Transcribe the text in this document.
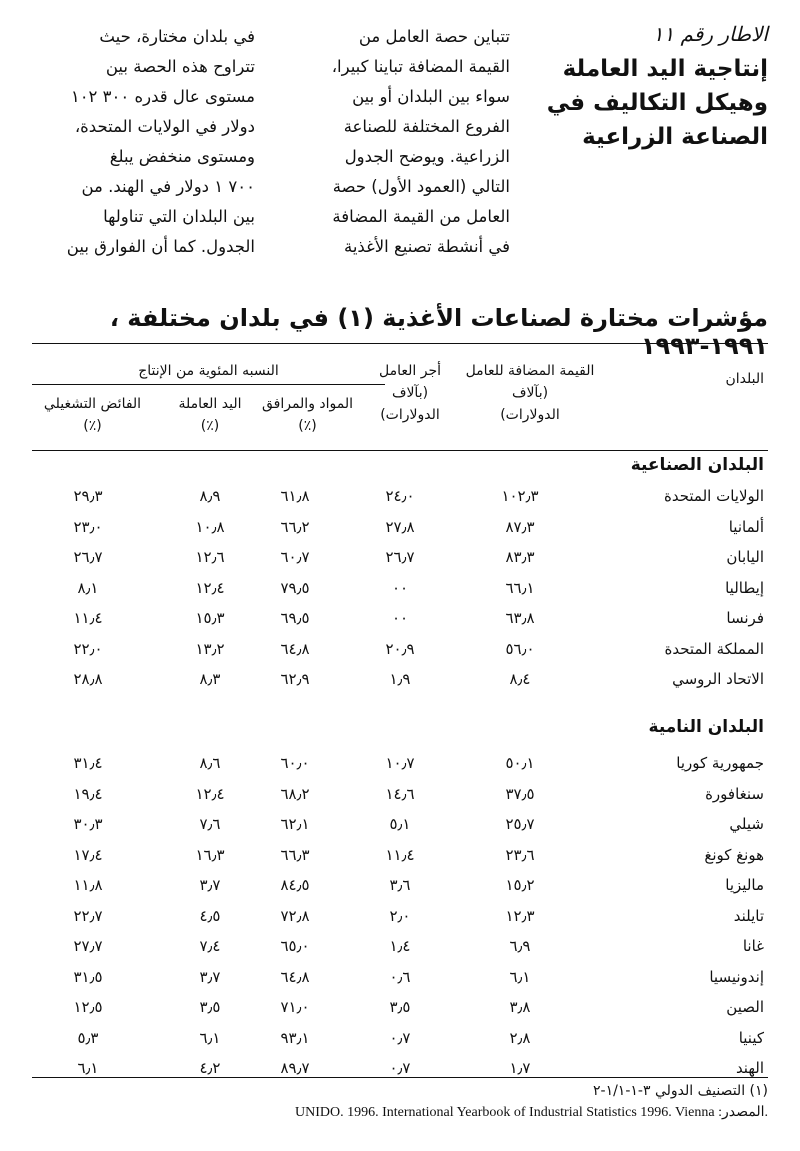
الاطار رقم ١١
إنتاجية اليد العاملة
وهيكل التكاليف في
الصناعة الزراعية
تتباين حصة العامل من
القيمة المضافة تباينا كبيرا،
سواء بين البلدان أو بين
الفروع المختلفة للصناعة
الزراعية. ويوضح الجدول
التالي (العمود الأول) حصة
العامل من القيمة المضافة
في أنشطة تصنيع الأغذية
في بلدان مختارة، حيث
تتراوح هذه الحصة بين
مستوى عال قدره ٣٠٠ ١٠٢
دولار في الولايات المتحدة،
ومستوى منخفض يبلغ
٧٠٠ ١ دولار في الهند. من
بين البلدان التي تناولها
الجدول. كما أن الفوارق بين
مؤشرات مختارة لصناعات الأغذية (١) في بلدان مختلفة ، ١٩٩١-١٩٩٣
البلدان
القيمة المضافة للعامل
(بآلاف الدولارات)
أجر العامل
(بآلاف الدولارات)
النسبه المئوية من الإنتاج
المواد والمرافق
(٪)
اليد العاملة
(٪)
الفائض التشغيلي
(٪)
البلدان الصناعية
الولايات المتحدة
١٠٢٫٣
٢٤٫٠
٦١٫٨
٨٫٩
٢٩٫٣
ألمانيا
٨٧٫٣
٢٧٫٨
٦٦٫٢
١٠٫٨
٢٣٫٠
اليابان
٨٣٫٣
٢٦٫٧
٦٠٫٧
١٢٫٦
٢٦٫٧
إيطاليا
٦٦٫١
٠٠
٧٩٫٥
١٢٫٤
٨٫١
فرنسا
٦٣٫٨
٠٠
٦٩٫٥
١٥٫٣
١١٫٤
المملكة المتحدة
٥٦٫٠
٢٠٫٩
٦٤٫٨
١٣٫٢
٢٢٫٠
الاتحاد الروسي
٨٫٤
١٫٩
٦٢٫٩
٨٫٣
٢٨٫٨
البلدان النامية
جمهورية كوريا
٥٠٫١
١٠٫٧
٦٠٫٠
٨٫٦
٣١٫٤
سنغافورة
٣٧٫٥
١٤٫٦
٦٨٫٢
١٢٫٤
١٩٫٤
شيلي
٢٥٫٧
٥٫١
٦٢٫١
٧٫٦
٣٠٫٣
هونغ كونغ
٢٣٫٦
١١٫٤
٦٦٫٣
١٦٫٣
١٧٫٤
ماليزيا
١٥٫٢
٣٫٦
٨٤٫٥
٣٫٧
١١٫٨
تايلند
١٢٫٣
٢٫٠
٧٢٫٨
٤٫٥
٢٢٫٧
غانا
٦٫٩
١٫٤
٦٥٫٠
٧٫٤
٢٧٫٧
إندونيسيا
٦٫١
٠٫٦
٦٤٫٨
٣٫٧
٣١٫٥
الصين
٣٫٨
٣٫٥
٧١٫٠
٣٫٥
١٢٫٥
كينيا
٢٫٨
٠٫٧
٩٣٫١
٦٫١
٥٫٣
الهند
١٫٧
٠٫٧
٨٩٫٧
٤٫٢
٦٫١
(١) التصنيف الدولي ٣-١-١/١-٢
UNIDO. 1996. International Yearbook of Industrial Statistics 1996. Vienna :المصدر.
